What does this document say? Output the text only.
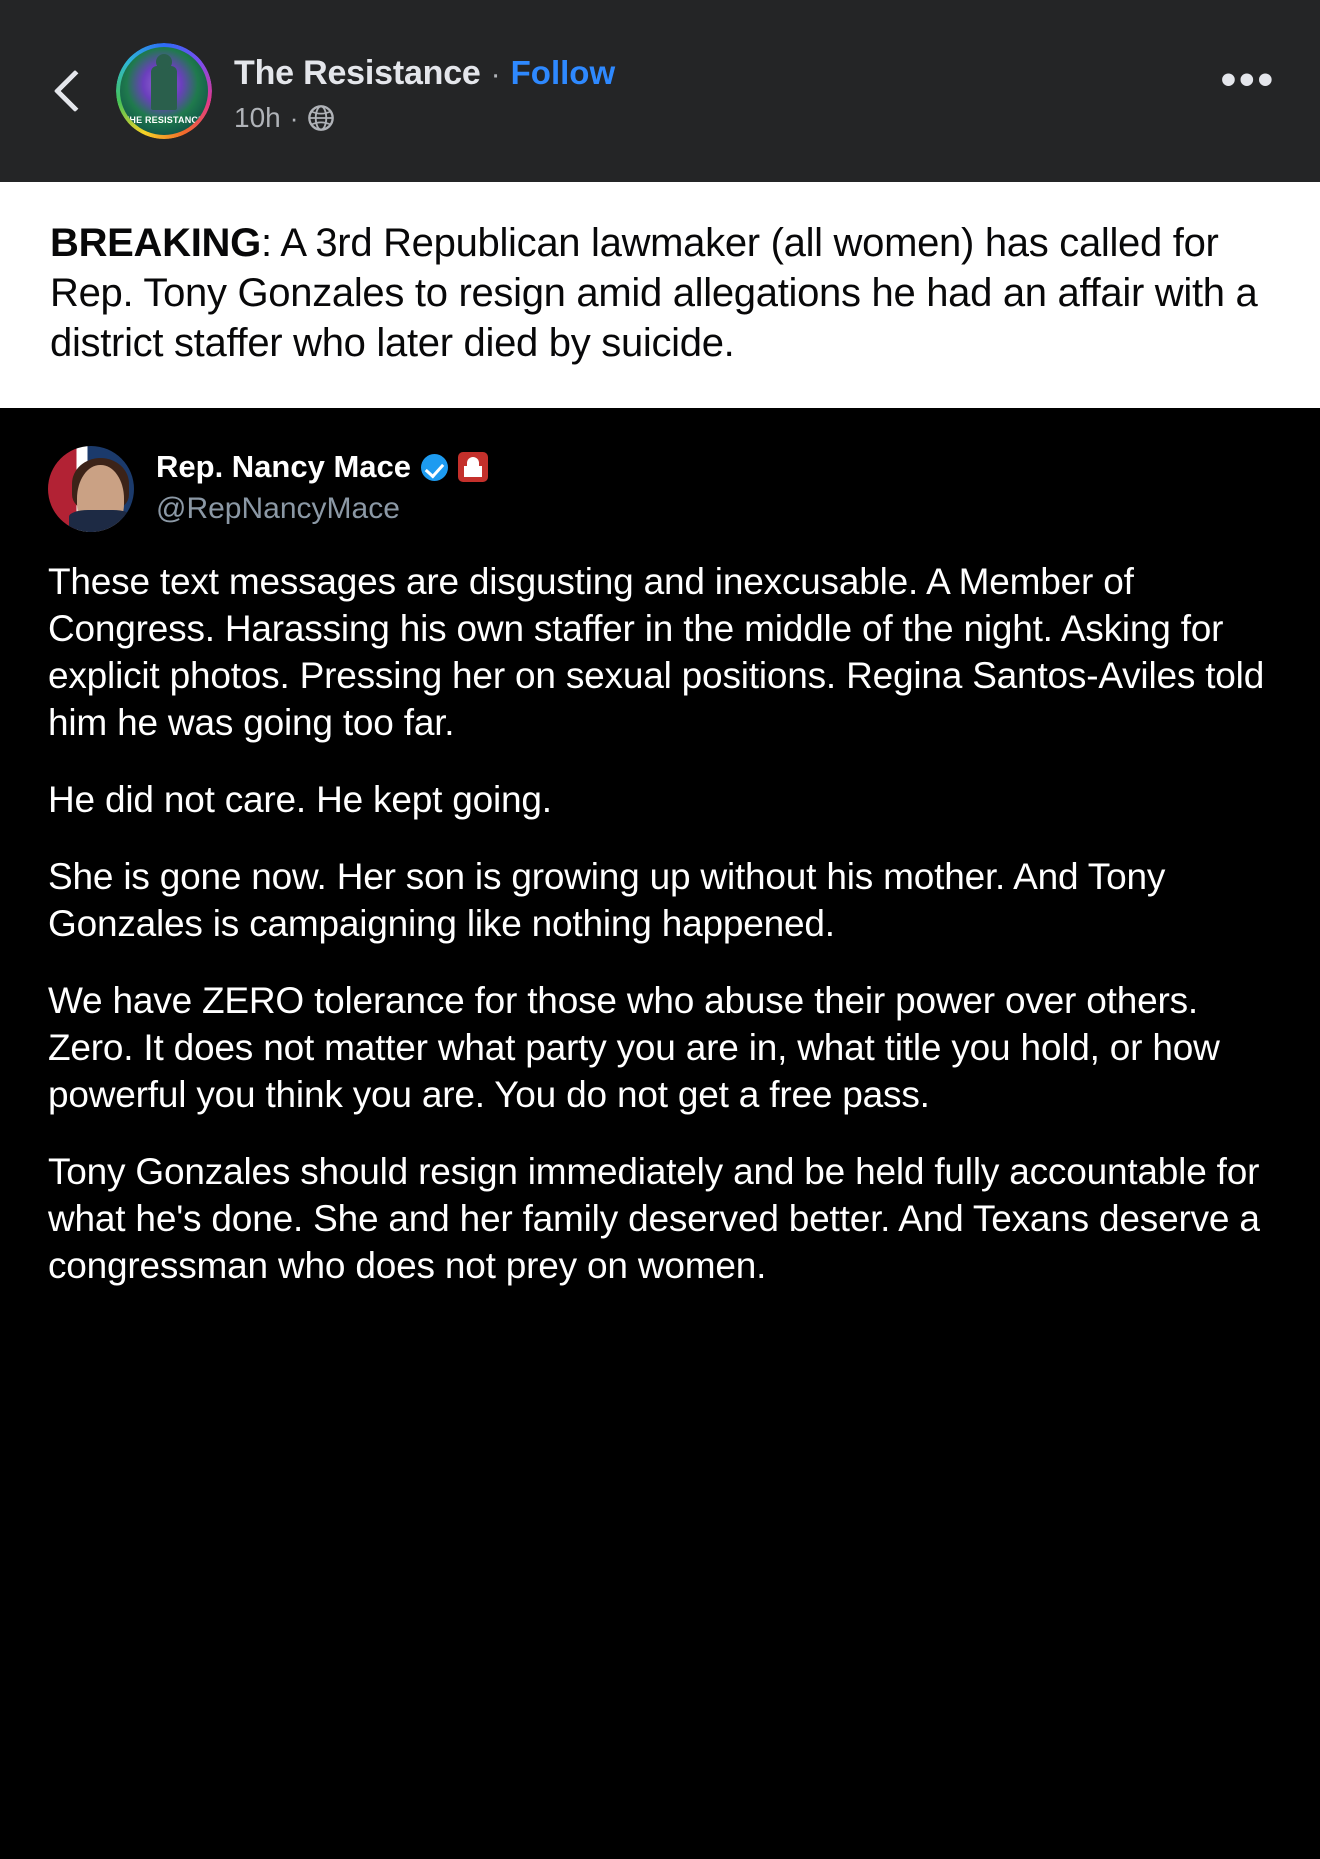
THE RESISTANCE
The Resistance · Follow
10h ·
•••
BREAKING: A 3rd Republican lawmaker (all women) has called for Rep. Tony Gonzales to resign amid allegations he had an affair with a district staffer who later died by suicide.
Rep. Nancy Mace
@RepNancyMace

These text messages are disgusting and inexcusable. A Member of Congress. Harassing his own staffer in the middle of the night. Asking for explicit photos. Pressing her on sexual positions. Regina Santos-Aviles told him he was going too far.

He did not care. He kept going.

She is gone now. Her son is growing up without his mother. And Tony Gonzales is campaigning like nothing happened.

We have ZERO tolerance for those who abuse their power over others. Zero. It does not matter what party you are in, what title you hold, or how powerful you think you are. You do not get a free pass.

Tony Gonzales should resign immediately and be held fully accountable for what he's done. She and her family deserved better. And Texans deserve a congressman who does not prey on women.
